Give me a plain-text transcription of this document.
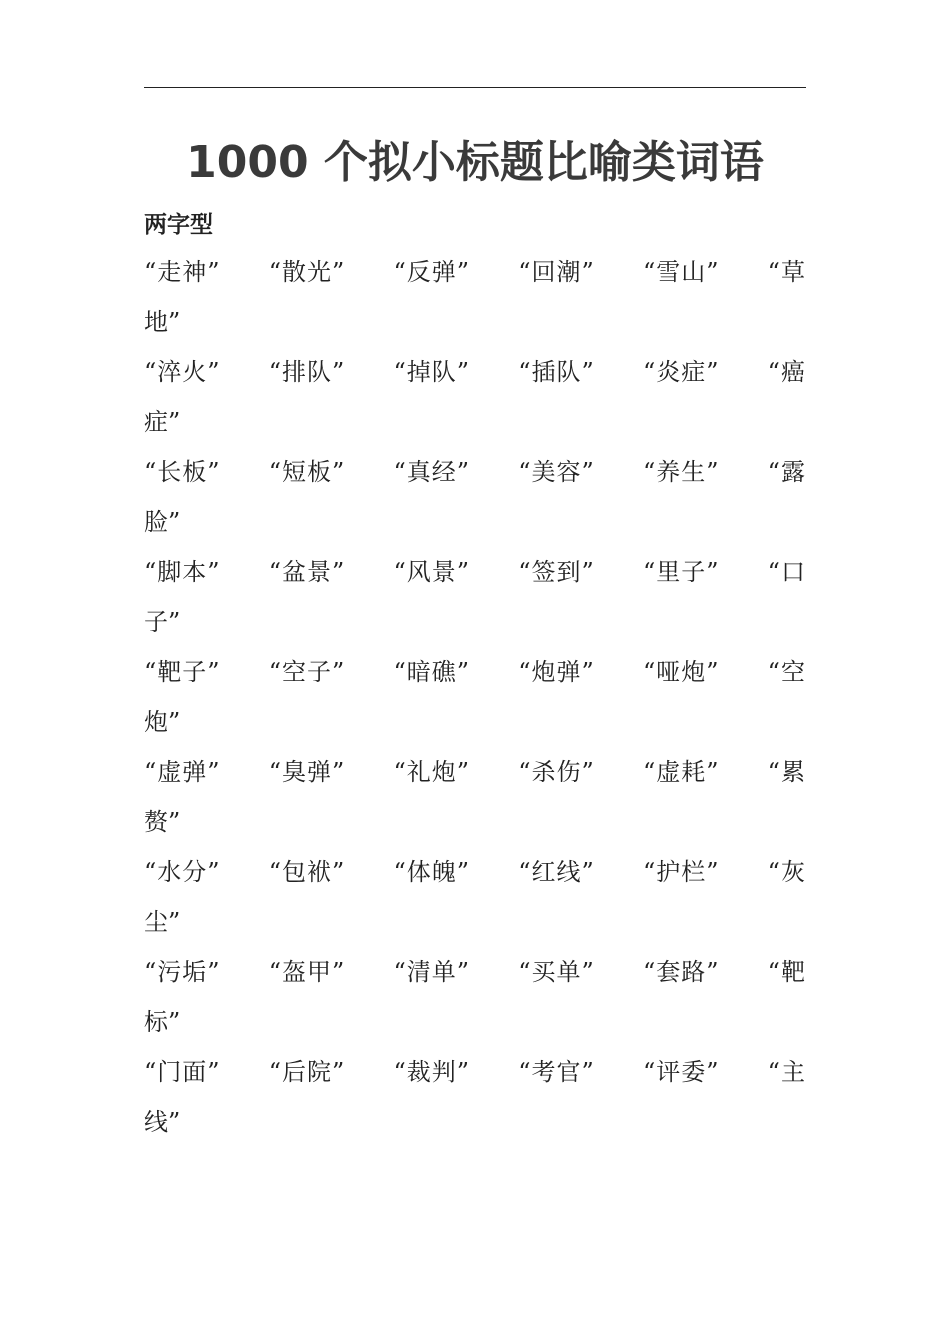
1000 个拟小标题比喻类词语
两字型
“走神” “散光” “反弹” “回潮” “雪山” “草
地”
“淬火” “排队” “掉队” “插队” “炎症” “癌
症”
“长板” “短板” “真经” “美容” “养生” “露
脸”
“脚本” “盆景” “风景” “签到” “里子” “口
子”
“靶子” “空子” “暗礁” “炮弹” “哑炮” “空
炮”
“虚弹” “臭弹” “礼炮” “杀伤” “虚耗” “累
赘”
“水分” “包袱” “体魄” “红线” “护栏” “灰
尘”
“污垢” “盔甲” “清单” “买单” “套路” “靶
标”
“门面” “后院” “裁判” “考官” “评委” “主
线”
